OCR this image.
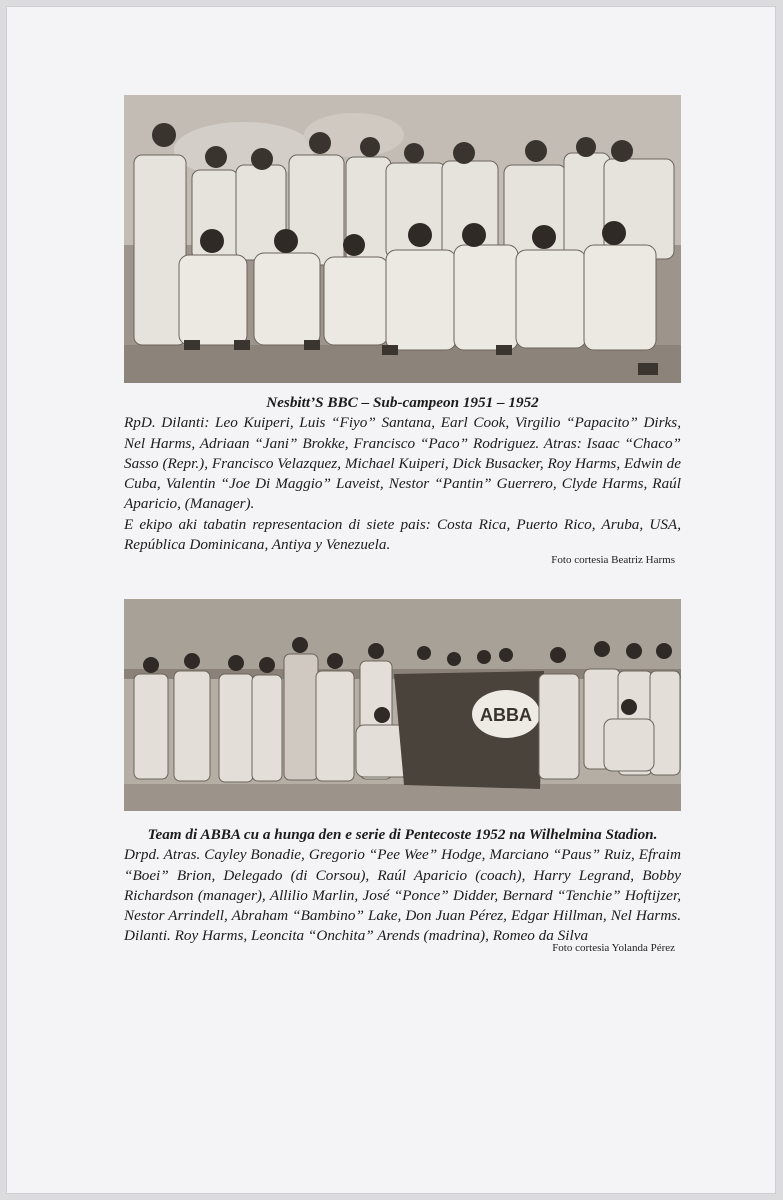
Nesbitt’S BBC – Sub-campeon 1951 – 1952
RpD. Dilanti: Leo Kuiperi, Luis “Fiyo” Santana, Earl Cook, Virgilio “Papacito” Dirks, Nel Harms, Adriaan “Jani” Brokke, Francisco “Paco” Rodriguez. Atras: Isaac “Chaco” Sasso (Repr.), Francisco Velazquez, Michael Kuiperi, Dick Busacker, Roy Harms, Edwin de Cuba, Valentin “Joe Di Maggio” Laveist, Nestor “Pantin” Guerrero, Clyde Harms, Raúl Aparicio, (Manager).
E ekipo aki tabatin representacion di siete pais: Costa Rica, Puerto Rico, Aruba, USA, República Dominicana, Antiya y Venezuela.
Foto cortesia Beatriz Harms
ABBA
Team di ABBA cu a hunga den e serie di Pentecoste 1952 na Wilhelmina Stadion.
Drpd. Atras. Cayley Bonadie, Gregorio “Pee Wee” Hodge, Marciano “Paus” Ruiz, Efraim “Boei” Brion, Delegado (di Corsou), Raúl Aparicio (coach), Harry Legrand, Bobby Richardson (manager), Allilio Marlin, José “Ponce” Didder, Bernard “Tenchie” Hoftijzer, Nestor Arrindell, Abraham “Bambino” Lake, Don Juan Pérez, Edgar Hillman, Nel Harms. Dilanti. Roy Harms, Leoncita “Onchita” Arends (madrina), Romeo da Silva
Foto cortesia Yolanda Pérez
